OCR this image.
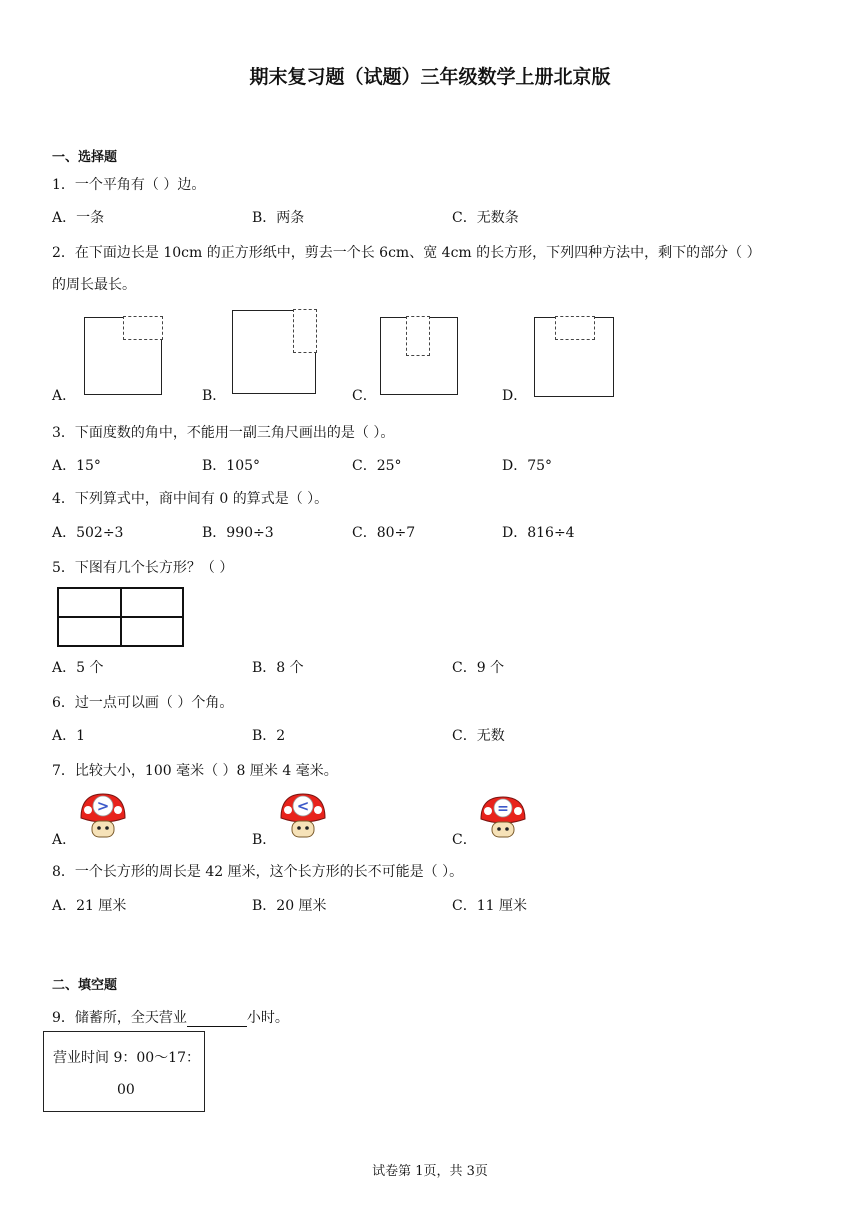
期末复习题（试题）三年级数学上册北京版
一、选择题
1．一个平角有（ ）边。
A．一条	B．两条	C．无数条
2．在下面边长是 10cm 的正方形纸中，剪去一个长 6cm、宽 4cm 的长方形，下列四种方法中，剩下的部分（ ）
的周长最长。
A．	B．	C．	D．
3．下面度数的角中，不能用一副三角尺画出的是（ ）。
A．15°	B．105°	C．25°	D．75°
4．下列算式中，商中间有 0 的算式是（ ）。
A．502÷3	B．990÷3	C．80÷7	D．816÷4
5．下图有几个长方形？（ ）
A．5 个	B．8 个	C．9 个
6．过一点可以画（ ）个角。
A．1	B．2	C．无数
7．比较大小，100 毫米（ ）8 厘米 4 毫米。
A．
>
B．
<
C．
=
8．一个长方形的周长是 42 厘米，这个长方形的长不可能是（ ）。
A．21 厘米	B．20 厘米	C．11 厘米
二、填空题
9．储蓄所，全天营业	小时。
营业时间 9：00～17：
00
试卷第 1页，共 3页
